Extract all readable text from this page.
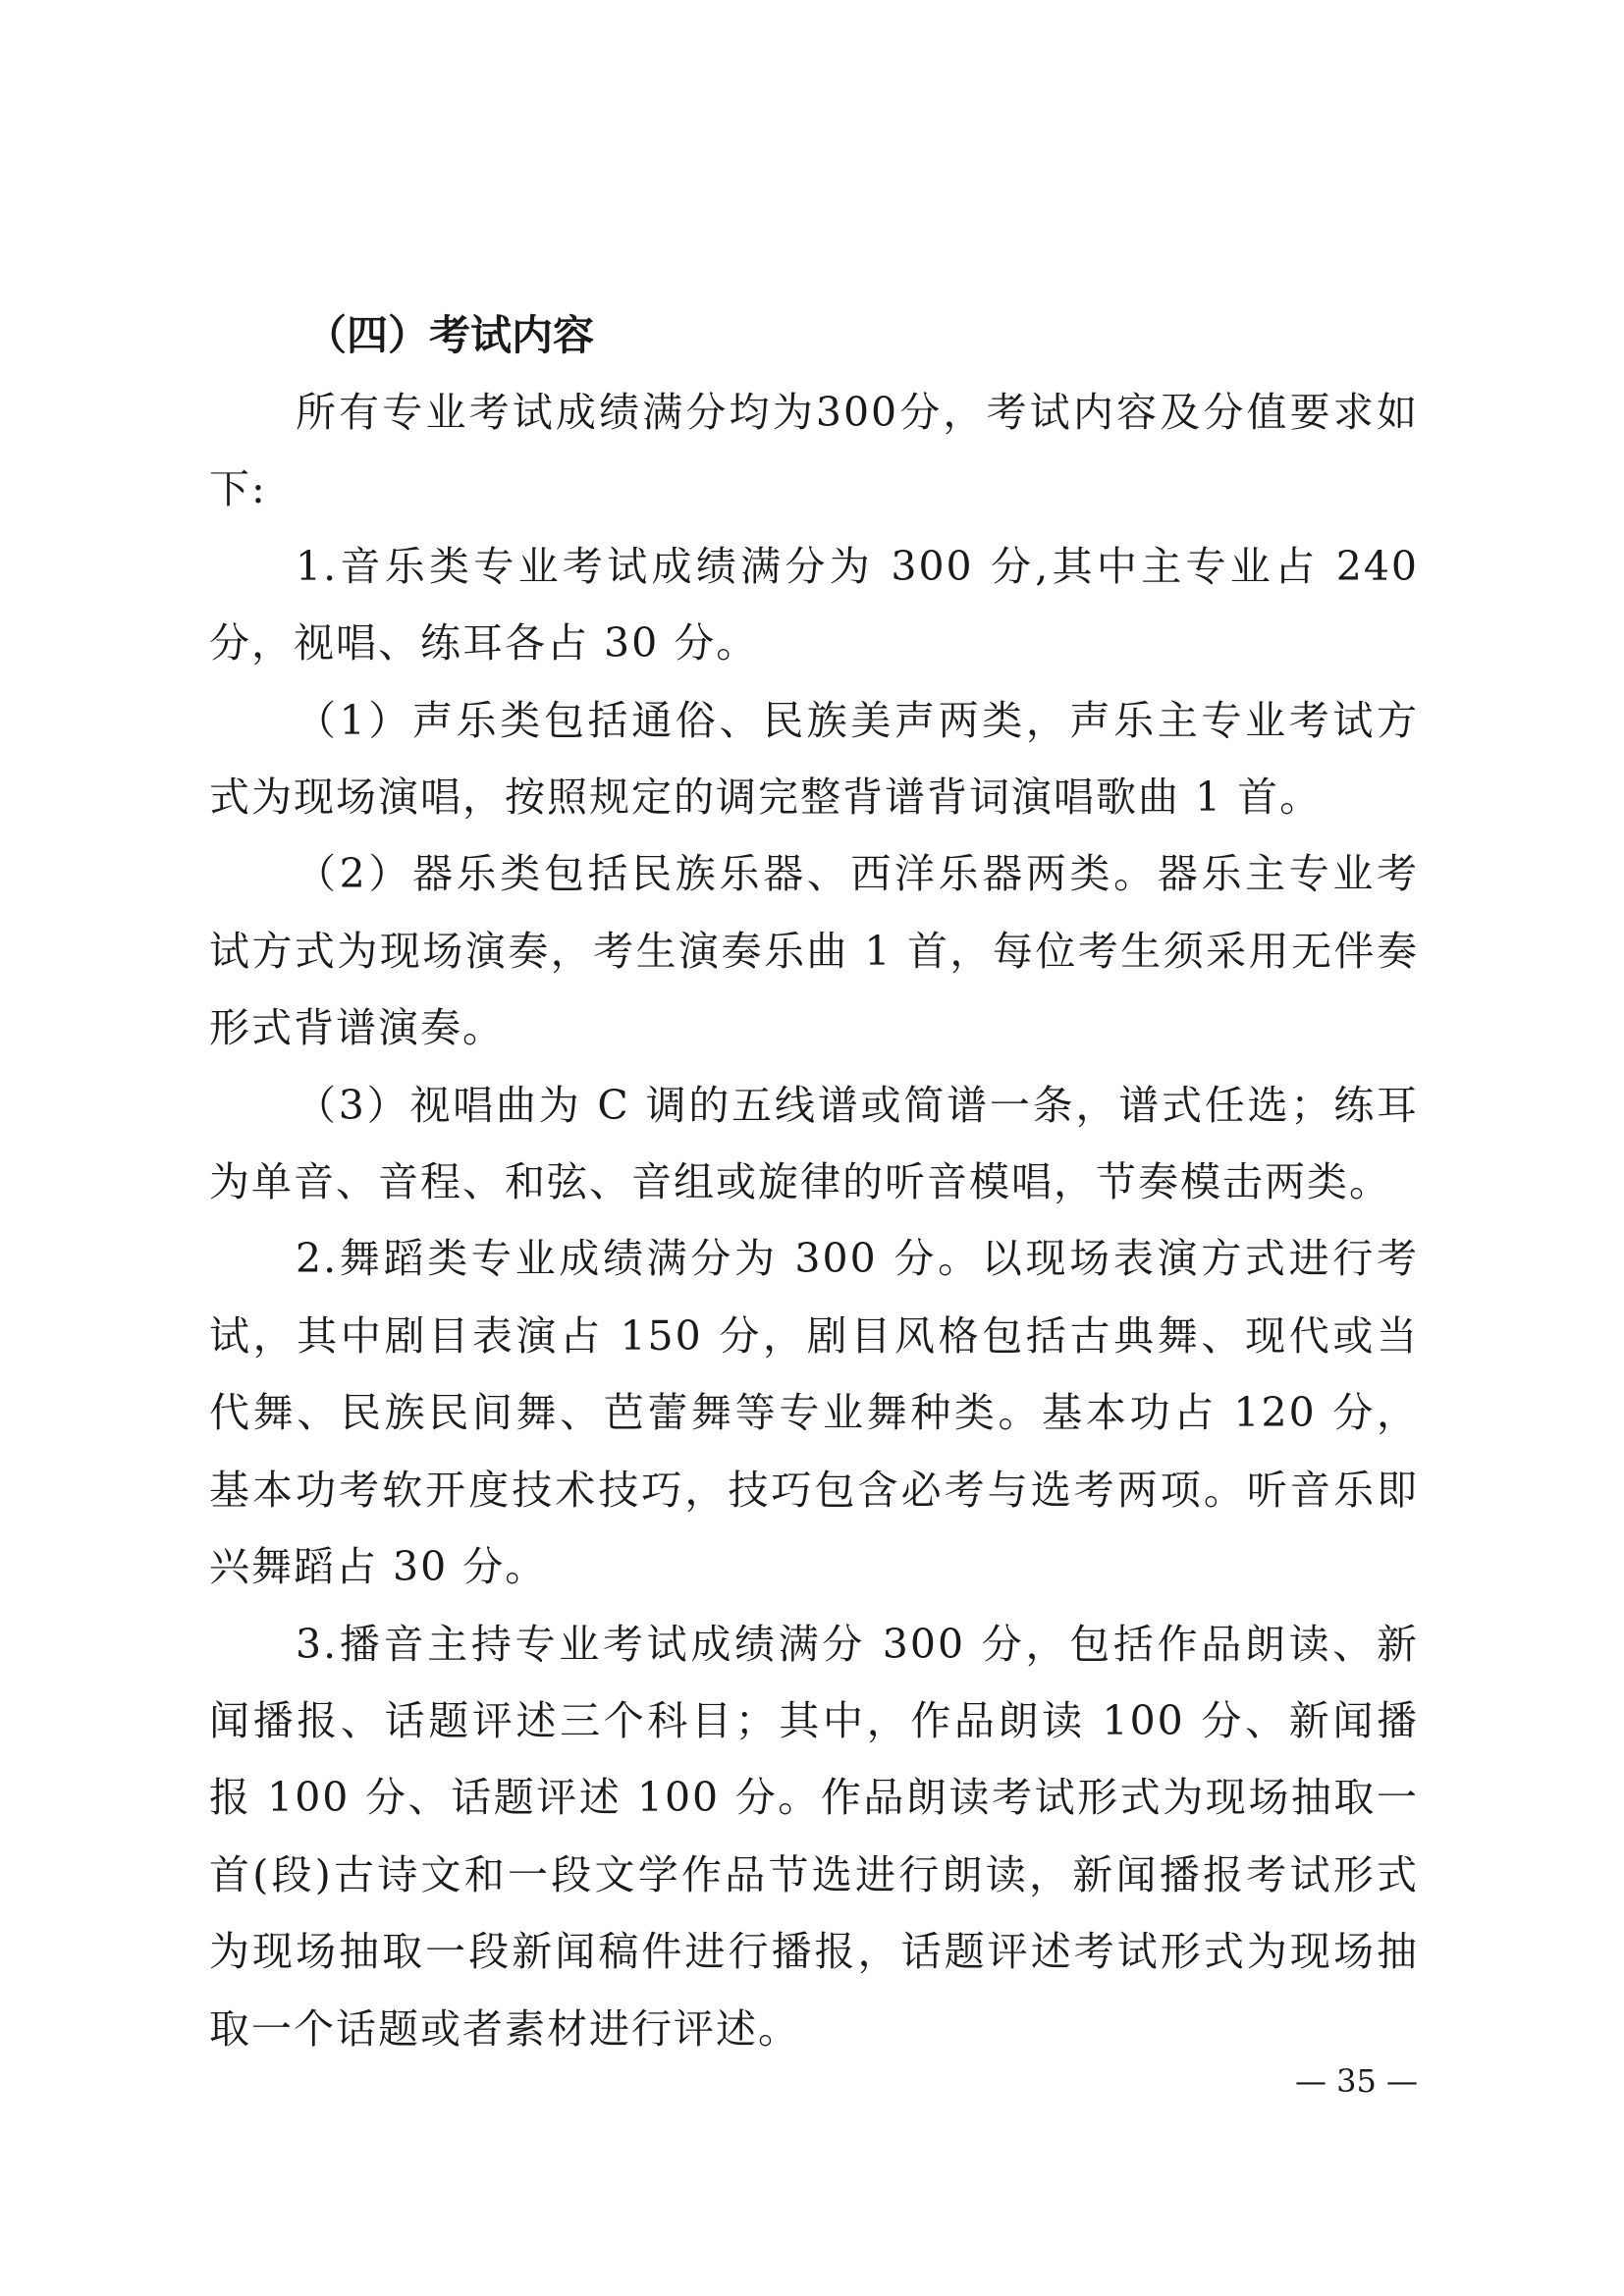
（四）考试内容

所有专业考试成绩满分均为300分，考试内容及分值要求如下:

1.音乐类专业考试成绩满分为 300 分,其中主专业占 240 分，视唱、练耳各占 30 分。

（1）声乐类包括通俗、民族美声两类，声乐主专业考试方式为现场演唱，按照规定的调完整背谱背词演唱歌曲 1 首。

（2）器乐类包括民族乐器、西洋乐器两类。器乐主专业考试方式为现场演奏，考生演奏乐曲 1 首，每位考生须采用无伴奏形式背谱演奏。

（3）视唱曲为 C 调的五线谱或简谱一条，谱式任选；练耳为单音、音程、和弦、音组或旋律的听音模唱，节奏模击两类。

2.舞蹈类专业成绩满分为 300 分。以现场表演方式进行考试，其中剧目表演占 150 分，剧目风格包括古典舞、现代或当代舞、民族民间舞、芭蕾舞等专业舞种类。基本功占 120 分，基本功考软开度技术技巧，技巧包含必考与选考两项。听音乐即兴舞蹈占 30 分。

3.播音主持专业考试成绩满分 300 分，包括作品朗读、新闻播报、话题评述三个科目；其中，作品朗读 100 分、新闻播报 100 分、话题评述 100 分。作品朗读考试形式为现场抽取一首(段)古诗文和一段文学作品节选进行朗读，新闻播报考试形式为现场抽取一段新闻稿件进行播报，话题评述考试形式为现场抽取一个话题或者素材进行评述。

— 35 —
